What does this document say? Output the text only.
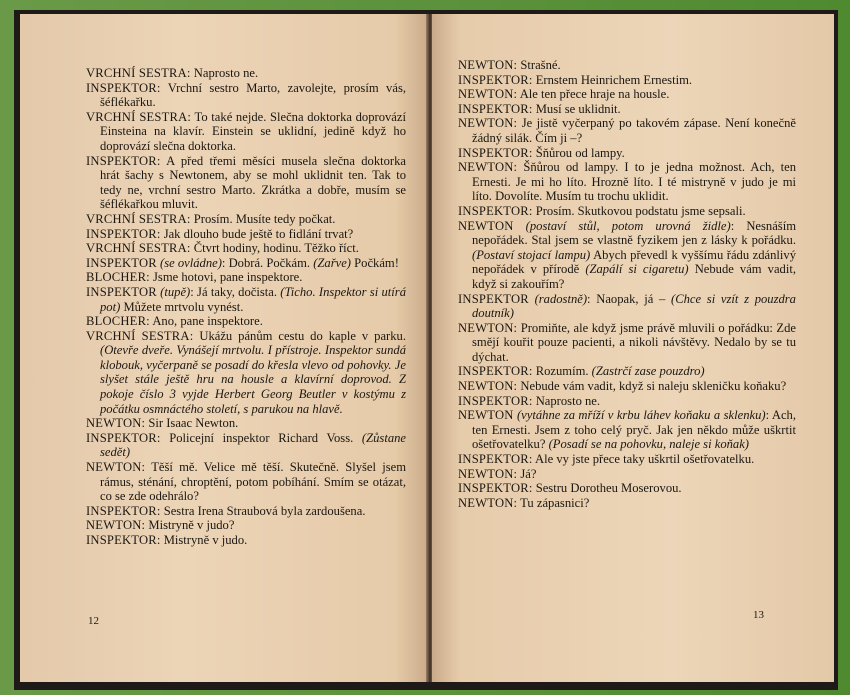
VRCHNÍ SESTRA: Naprosto ne.
INSPEKTOR: Vrchní sestro Marto, zavolejte, prosím vás, šéflékařku.
VRCHNÍ SESTRA: To také nejde. Slečna doktorka doprovází Einsteina na klavír. Einstein se uklidní, jedině když ho doprovází slečna doktorka.
INSPEKTOR: A před třemi měsíci musela slečna doktorka hrát šachy s Newtonem, aby se mohl uklidnit ten. Tak to tedy ne, vrchní sestro Marto. Zkrátka a dobře, musím se šéflékařkou mluvit.
VRCHNÍ SESTRA: Prosím. Musíte tedy počkat.
INSPEKTOR: Jak dlouho bude ještě to fidlání trvat?
VRCHNÍ SESTRA: Čtvrt hodiny, hodinu. Těžko říct.
INSPEKTOR (se ovládne): Dobrá. Počkám. (Zařve) Počkám!
BLOCHER: Jsme hotovi, pane inspektore.
INSPEKTOR (tupě): Já taky, dočista. (Ticho. Inspektor si utírá pot) Můžete mrtvolu vynést.
BLOCHER: Ano, pane inspektore.
VRCHNÍ SESTRA: Ukážu pánům cestu do kaple v parku. (Otevře dveře. Vynášejí mrtvolu. I přístroje. Inspektor sundá klobouk, vyčerpaně se posadí do křesla vlevo od pohovky. Je slyšet stále ještě hru na housle a klavírní doprovod. Z pokoje číslo 3 vyjde Herbert Georg Beutler v kostýmu z počátku osmnáctého století, s parukou na hlavě.
NEWTON: Sir Isaac Newton.
INSPEKTOR: Policejní inspektor Richard Voss. (Zůstane sedět)
NEWTON: Těší mě. Velice mě těší. Skutečně. Slyšel jsem rámus, sténání, chroptění, potom pobíhání. Smím se otázat, co se zde odehrálo?
INSPEKTOR: Sestra Irena Straubová byla zardoušena.
NEWTON: Mistryně v judo?
INSPEKTOR: Mistryně v judo.
12
NEWTON: Strašné.
INSPEKTOR: Ernstem Heinrichem Ernestim.
NEWTON: Ale ten přece hraje na housle.
INSPEKTOR: Musí se uklidnit.
NEWTON: Je jistě vyčerpaný po takovém zápase. Není konečně žádný silák. Čím ji –?
INSPEKTOR: Šňůrou od lampy.
NEWTON: Šňůrou od lampy. I to je jedna možnost. Ach, ten Ernesti. Je mi ho líto. Hrozně líto. I té mistryně v judo je mi líto. Dovolíte. Musím tu trochu uklidit.
INSPEKTOR: Prosím. Skutkovou podstatu jsme sepsali.
NEWTON (postaví stůl, potom urovná židle): Nesnáším nepořádek. Stal jsem se vlastně fyzikem jen z lásky k pořádku. (Postaví stojací lampu) Abych převedl k vyššímu řádu zdánlivý nepořádek v přírodě (Zapálí si cigaretu) Nebude vám vadit, když si zakouřím?
INSPEKTOR (radostně): Naopak, já – (Chce si vzít z pouzdra doutník)
NEWTON: Promiňte, ale když jsme právě mluvili o pořádku: Zde smějí kouřit pouze pacienti, a nikoli návštěvy. Nedalo by se tu dýchat.
INSPEKTOR: Rozumím. (Zastrčí zase pouzdro)
NEWTON: Nebude vám vadit, když si naleju skleničku koňaku?
INSPEKTOR: Naprosto ne.
NEWTON (vytáhne za mříží v krbu láhev koňaku a sklenku): Ach, ten Ernesti. Jsem z toho celý pryč. Jak jen někdo může uškrtit ošetřovatelku? (Posadí se na pohovku, naleje si koňak)
INSPEKTOR: Ale vy jste přece taky uškrtil ošetřovatelku.
NEWTON: Já?
INSPEKTOR: Sestru Dorotheu Moserovou.
NEWTON: Tu zápasnici?
13
